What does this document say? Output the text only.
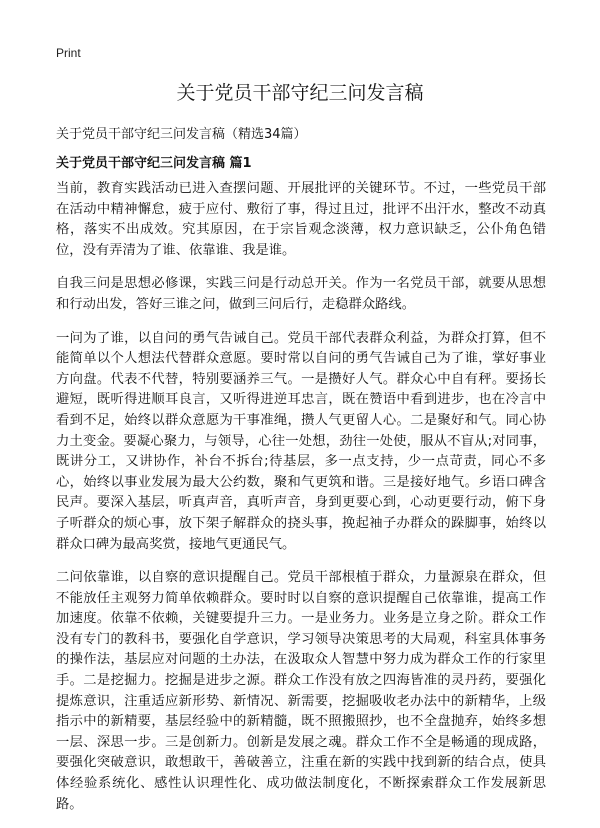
Print
关于党员干部守纪三问发言稿
关于党员干部守纪三问发言稿（精选34篇）
关于党员干部守纪三问发言稿 篇1

当前，教育实践活动已进入查摆问题、开展批评的关键环节。不过，一些党员干部在活动中精神懈怠，疲于应付、敷衍了事，得过且过，批评不出汗水，整改不动真格，落实不出成效。究其原因，在于宗旨观念淡薄，权力意识缺乏，公仆角色错位，没有弄清为了谁、依靠谁、我是谁。

自我三问是思想必修课，实践三问是行动总开关。作为一名党员干部，就要从思想和行动出发，答好三谁之问，做到三问后行，走稳群众路线。

一问为了谁，以自问的勇气告诫自己。党员干部代表群众利益，为群众打算，但不能简单以个人想法代替群众意愿。要时常以自问的勇气告诫自己为了谁，掌好事业方向盘。代表不代替，特别要涵养三气。一是攒好人气。群众心中自有秤。要扬长避短，既听得进顺耳良言，又听得进逆耳忠言，既在赞语中看到进步，也在冷言中看到不足，始终以群众意愿为干事准绳，攒人气更留人心。二是聚好和气。同心协力土变金。要凝心聚力，与领导，心往一处想，劲往一处使，服从不盲从;对同事，既讲分工，又讲协作，补台不拆台;待基层，多一点支持，少一点苛责，同心不多心，始终以事业发展为最大公约数，聚和气更筑和谐。三是接好地气。乡语口碑含民声。要深入基层，听真声音，真听声音，身到更要心到，心动更要行动，俯下身子听群众的烦心事，放下架子解群众的挠头事，挽起袖子办群众的跺脚事，始终以群众口碑为最高奖赏，接地气更通民气。

二问依靠谁，以自察的意识提醒自己。党员干部根植于群众，力量源泉在群众，但不能放任主观努力简单依赖群众。要时时以自察的意识提醒自己依靠谁，提高工作加速度。依靠不依赖，关键要提升三力。一是业务力。业务是立身之阶。群众工作没有专门的教科书，要强化自学意识，学习领导决策思考的大局观，科室具体事务的操作法，基层应对问题的土办法，在汲取众人智慧中努力成为群众工作的行家里手。二是挖掘力。挖掘是进步之源。群众工作没有放之四海皆准的灵丹药，要强化提炼意识，注重适应新形势、新情况、新需要，挖掘吸收老办法中的新精华，上级指示中的新精要，基层经验中的新精髓，既不照搬照抄，也不全盘抛弃，始终多想一层、深思一步。三是创新力。创新是发展之魂。群众工作不全是畅通的现成路，要强化突破意识，敢想敢干，善破善立，注重在新的实践中找到新的结合点，使具体经验系统化、感性认识理性化、成功做法制度化，不断探索群众工作发展新思路。
